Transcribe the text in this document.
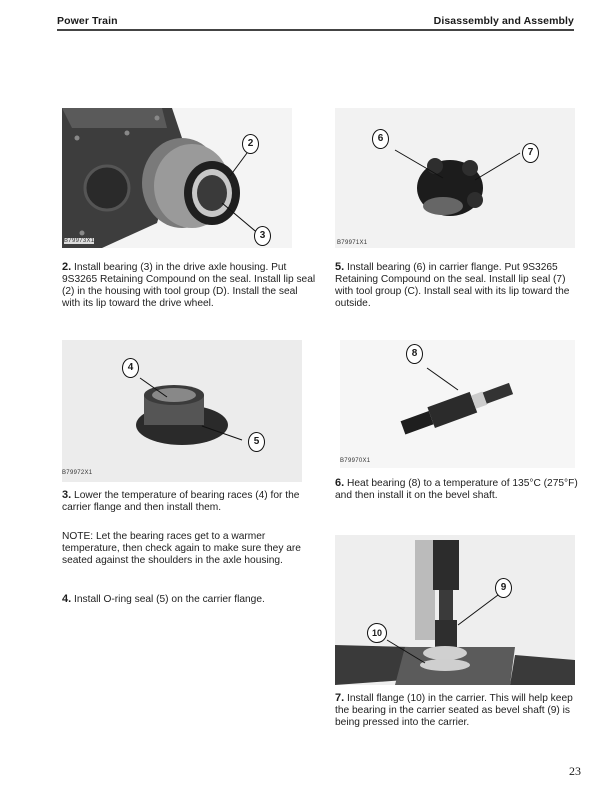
Power Train	Disassembly and Assembly
2
3
B79973X1
6
7
B79971X1
2. Install bearing (3) in the drive axle housing. Put 9S3265 Retaining Compound on the seal. Install lip seal (2) in the housing with tool group (D). Install the seal with its lip toward the drive wheel.
5. Install bearing (6) in carrier flange. Put 9S3265 Retaining Compound on the seal. Install lip seal (7) with tool group (C). Install seal with its lip toward the outside.
4
5
B79972X1
8
B79970X1
3. Lower the temperature of bearing races (4) for the carrier flange and then install them.
6. Heat bearing (8) to a temperature of 135°C (275°F) and then install it on the bevel shaft.
NOTE: Let the bearing races get to a warmer temperature, then check again to make sure they are seated against the shoulders in the axle housing.
4. Install O-ring seal (5) on the carrier flange.
9
10
7. Install flange (10) in the carrier. This will help keep the bearing in the carrier seated as bevel shaft (9) is being pressed into the carrier.
23
